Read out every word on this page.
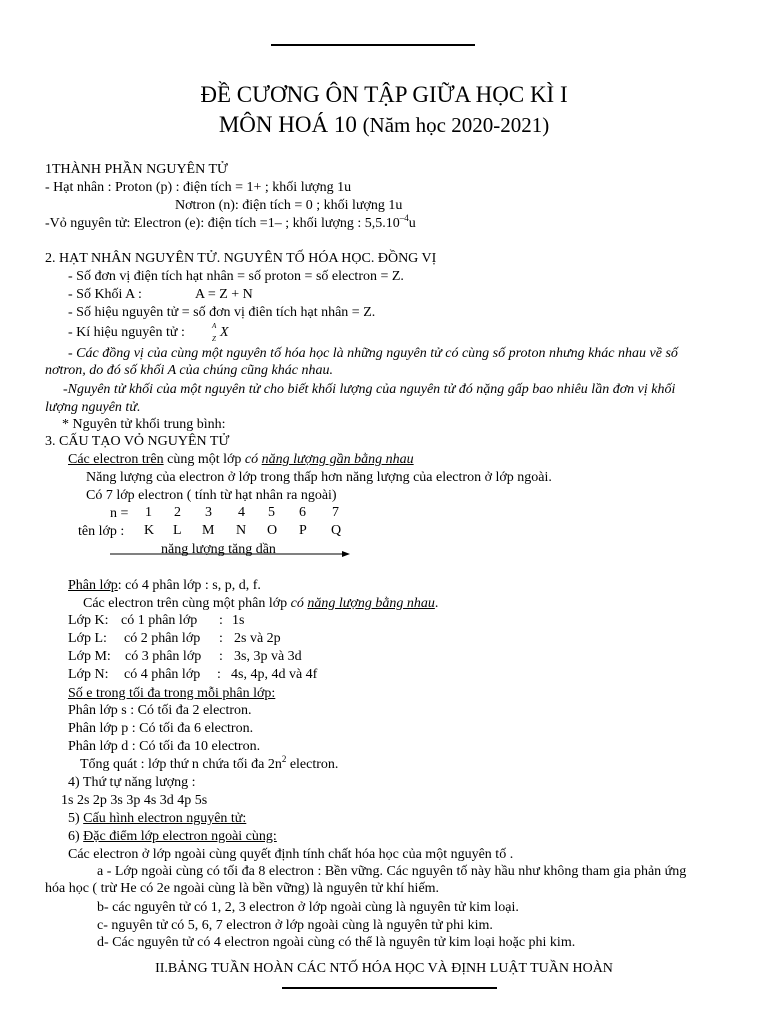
ĐỀ CƯƠNG ÔN TẬP GIỮA HỌC KÌ I
MÔN HOÁ 10 (Năm học 2020-2021)
1THÀNH PHẦN NGUYÊN TỬ
- Hạt nhân : Proton (p) : điện tích = 1+ ; khối lượng 1u
Nơtron (n): điện tích = 0 ; khối lượng 1u
-Vỏ nguyên tử: Electron (e): điện tích =1– ; khối lượng : $5,5.10^{-4}u$
2. HẠT NHÂN NGUYÊN TỬ. NGUYÊN TỐ HÓA HỌC. ĐỒNG VỊ
- Số đơn vị điện tích hạt nhân = số proton = số electron = Z.
- Số Khối A :	A = Z + N
- Số hiệu nguyên tử = số đơn vị điên tích hạt nhân = Z.
- Kí hiệu nguyên tử :	A
Z X
- Các đồng vị của cùng một nguyên tố hóa học là những nguyên tử có cùng số proton nhưng khác nhau về số
nơtron, do đó số khối A của chúng cũng khác nhau.
-Nguyên tử khối của một nguyên tử cho biết khối lượng của nguyên tử đó nặng gấp bao nhiêu lần đơn vị khối
lượng nguyên tử.
* Nguyên tử khối trung bình:
3. CẤU TẠO VỎ NGUYÊN TỬ
Các electron trên cùng một lớp có năng lượng gần bằng nhau
Năng lượng của electron ở lớp trong thấp hơn năng lượng của electron ở lớp ngoài.
Có 7 lớp electron ( tính từ hạt nhân ra ngoài)
n = 1 2 3 4 5 6 7
tên lớp : K L M N O P Q
năng lượng tăng dần
Phân lớp: có 4 phân lớp : s, p, d, f.
Các electron trên cùng một phân lớp có năng lượng bằng nhau.
Lớp K: có 1 phân lớp : 1s
Lớp L: có 2 phân lớp : 2s và 2p
Lớp M: có 3 phân lớp : 3s, 3p và 3d
Lớp N: có 4 phân lớp : 4s, 4p, 4d và 4f
Số e trong tối đa trong mỗi phân lớp:
Phân lớp s : Có tối đa 2 electron.
Phân lớp p : Có tối đa 6 electron.
Phân lớp d : Có tối đa 10 electron.
Tổng quát : lớp thứ n chứa tối đa $2n^2$ electron.
4) Thứ tự năng lượng :
1s 2s 2p 3s 3p 4s 3d 4p 5s
5) Cấu hình electron nguyên tử:
6) Đặc điểm lớp electron ngoài cùng:
Các electron ở lớp ngoài cùng quyết định tính chất hóa học của một nguyên tố .
a - Lớp ngoài cùng có tối đa 8 electron : Bền vững. Các nguyên tố này hầu như không tham gia phản ứng
hóa học ( trừ He có 2e ngoài cùng là bền vững) là nguyên tử khí hiếm.
b- các nguyên tử có 1, 2, 3 electron ở lớp ngoài cùng là nguyên tử kim loại.
c- nguyên tử có 5, 6, 7 electron ở lớp ngoài cùng là nguyên tử phi kim.
d- Các nguyên tử có 4 electron ngoài cùng có thể là nguyên tử kim loại hoặc phi kim.
II.BẢNG TUẦN HOÀN CÁC NTỐ HÓA HỌC VÀ ĐỊNH LUẬT TUẦN HOÀN
